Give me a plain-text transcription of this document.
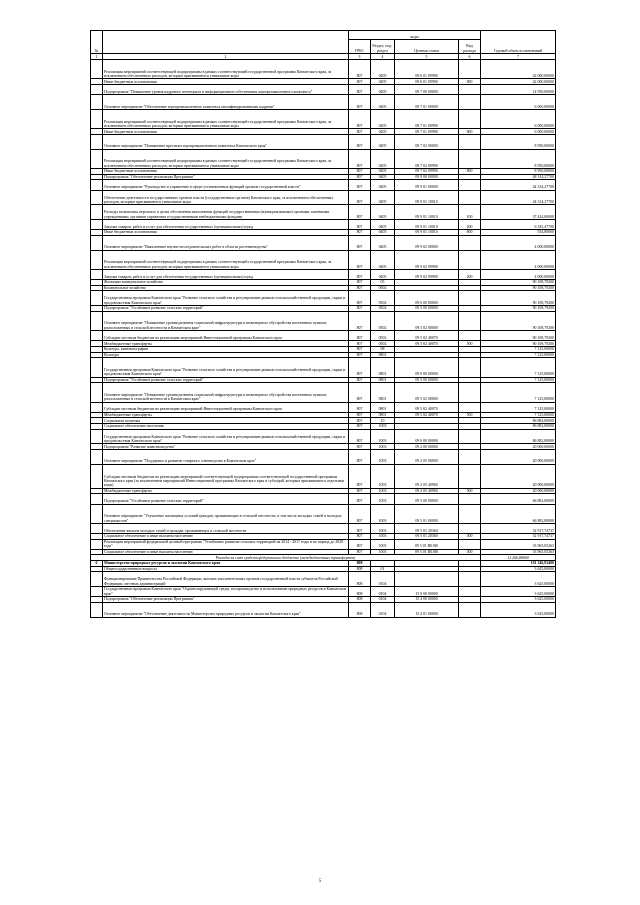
№		коды				Годовой объем ассигнований
		ГРБС	Раздел, под-раздел	Целевая статья	Вид расхода	
1	2	3	4	5	6	7
	Реализация мероприятий соответствующей подпрограммы в рамках соответствующей государственной программы Камчатского края, за исключением обеспеченных расходов, которым присваиваются уникальные коды	807	0405	09 6 01 09990		42 000,00000
	Иные бюджетные ассигнования	807	0405	09 6 01 09990	800	42 000,00000
	Подпрограмма "Повышение уровня кадрового потенциала и информационного обеспечения агропромышленного комплекса"	807	0405	09 7 00 00000		14 950,00000
	Основное мероприятие "Обеспечение агропромышленного комплекса квалифицированными кадрами"	807	0405	09 7 01 00000		6 000,00000
	Реализация мероприятий соответствующей подпрограммы в рамках соответствующей государственной программы Камчатского края, за исключением обеспеченных расходов, которым присваиваются уникальные коды	807	0405	09 7 01 09990		6 000,00000
	Иные бюджетные ассигнования	807	0405	09 7 01 09990	800	6 000,00000
	Основное мероприятие "Повышение престижа агропромышленного комплекса Камчатского края"	807	0405	09 7 02 00000		8 950,00000
	Реализация мероприятий соответствующей подпрограммы в рамках соответствующей государственной программы Камчатского края, за исключением обеспеченных расходов, которым присваиваются уникальные коды	807	0405	09 7 02 09990		8 950,00000
	Иные бюджетные ассигнования	807	0405	09 7 02 09990	800	8 950,00000
	Подпрограмма "Обеспечение реализации Программы"	807	0405	09 9 00 00000		48 314,27700
	Основное мероприятие "Руководство и управление в сфере установленных функций органов государственной власти"	807	0405	09 9 01 00000		44 314,27700
	Обеспечение деятельности государственных органов власти (государственных органов) Камчатского края, за исключением обеспеченных расходов, которым присваиваются уникальные коды	807	0405	09 9 01 10010		44 314,27700
	Расходы на выплаты персоналу в целях обеспечения выполнения функций государственными (муниципальными) органами, казенными учреждениями, органами управления государственными внебюджетными фондами	807	0405	09 9 01 10010	100	37 424,00000
	Закупка товаров, работ и услуг для обеспечения государственных (муниципальных) нужд	807	0405	09 9 01 10010	200	6 335,47700
	Иные бюджетные ассигнования	807	0405	09 9 01 10010	800	554,80000
	Основное мероприятие "Выполнение научно-исследовательских работ в области растениеводства"	807	0405	09 9 02 00000		4 000,00000
	Реализация мероприятий соответствующей подпрограммы в рамках соответствующей государственной программы Камчатского края, за исключением обеспеченных расходов, которым присваиваются уникальные коды	807	0405	09 9 02 09990		4 000,00000
	Закупка товаров, работ и услуг для обеспечения государственных (муниципальных) нужд	807	0405	09 9 02 09990	200	4 000,00000
	Жилищно-коммунальное хозяйство	807	05			90 108,79200
	Коммунальное хозяйство	807	0502			90 108,79200
	Государственная программа Камчатского края "Развитие сельского хозяйства и регулирование рынков сельскохозяйственной продукции, сырья и продовольствия Камчатского края"	807	0502	09 0 00 00000		90 108,79200
	Подпрограмма "Устойчивое развитие сельских территорий"	807	0502	09 5 00 00000		90 108,79200
	Основное мероприятие "Повышение уровня развития социальной инфраструктуры и инженерного обустройства населенных пунктов, расположенных в сельской местности в Камчатском крае"	807	0502	09 5 02 00000		90 108,79200
	Субсидии местным бюджетам на реализацию мероприятий Инвестиционной программы Камчатского края	807	0502	09 5 02 40070		90 108,79200
	Межбюджетные трансферты	807	0502	09 5 02 40070	500	90 108,79200
	Культура, кинематография	807	08			7 125,00000
	Культура	807	0801			7 125,00000
	Государственная программа Камчатского края "Развитие сельского хозяйства и регулирование рынков сельскохозяйственной продукции, сырья и продовольствия Камчатского края"	807	0801	09 0 00 00000		7 125,00000
	Подпрограмма "Устойчивое развитие сельских территорий"	807	0801	09 5 00 00000		7 125,00000
	Основное мероприятие "Повышение уровня развития социальной инфраструктуры и инженерного обустройства населенных пунктов, расположенных в сельской местности в Камчатском крае"	807	0801	09 5 02 00000		7 125,00000
	Субсидии местным бюджетам на реализацию мероприятий Инвестиционной программы Камчатского края	807	0801	09 5 02 40070		7 125,00000
	Межбюджетные трансферты	807	0801	09 5 02 40070	500	7 125,00000
	Социальная политика	807	10			86 882,80000
	Социальное обеспечение населения	807	1003			86 882,80000
	Государственная программа Камчатского края "Развитие сельского хозяйства и регулирование рынков сельскохозяйственной продукции, сырья и продовольствия Камчатского края"	807	1003	09 0 00 00000		86 882,80000
	Подпрограмма "Развитие животноводства"	807	1003	09 2 00 00000		20 000,00000
	Основное мероприятие "Поддержка и развитие северного оленеводства в Камчатском крае"	807	1003	09 2 05 00000		20 000,00000
	Субсидии местным бюджетам на реализацию мероприятий соответствующей подпрограммы соответствующей государственной программы Камчатского края (за исключением мероприятий Инвестиционной программы Камчатского края и субсидий, которым присваиваются отдельные коды)	807	1003	09 2 05 40960		20 000,00000
	Межбюджетные трансферты	807	1003	09 2 05 40960	500	20 000,00000
	Подпрограмма "Устойчивое развитие сельских территорий"	807	1003	09 5 00 00000		66 882,80000
	Основное мероприятие "Улучшение жилищных условий граждан, проживающих в сельской местности, в том числе молодых семей и молодых специалистов"	807	1003	09 5 01 00000		66 882,80000
	Обеспечение жильем молодых семей и граждан, проживающих в сельской местности	807	1003	09 5 01 20360		32 917,74737
	Социальное обеспечение и иные выплаты населению	807	1003	09 5 01 20360	300	32 917,74737
	Реализация мероприятий федеральной целевой программы "Устойчивое развитие сельских территорий на 2014 - 2017 годы и на период до 2020 года"	807	1003	09 5 01 R0180		33 965,05263
	Социальное обеспечение и иные выплаты населению	807	1003	09 5 01 R0180	300	33 965,05263
Расходы за счет средств федерального бюджета (межбюджетных трансфертов)						12 266,80000
6	Министерство природных ресурсов и экологии Камчатского края	808				191 346,83400
	Общегосударственные вопросы	808	01			3 625,00000
	Функционирование Правительства Российской Федерации, высших исполнительных органов государственной власти субъектов Российской Федерации, местных администраций	808	0104			3 625,00000
	Государственная программа Камчатского края "Охрана окружающей среды, воспроизводство и использование природных ресурсов в Камчатском крае"	808	0104	15 0 00 00000		3 625,00000
	Подпрограмма "Обеспечение реализации Программы"	808	0104	15 4 00 00000		3 625,00000
	Основное мероприятие "Обеспечение деятельности Министерства природных ресурсов и экологии Камчатского края"	808	0104	15 4 01 00000		3 625,00000
5
